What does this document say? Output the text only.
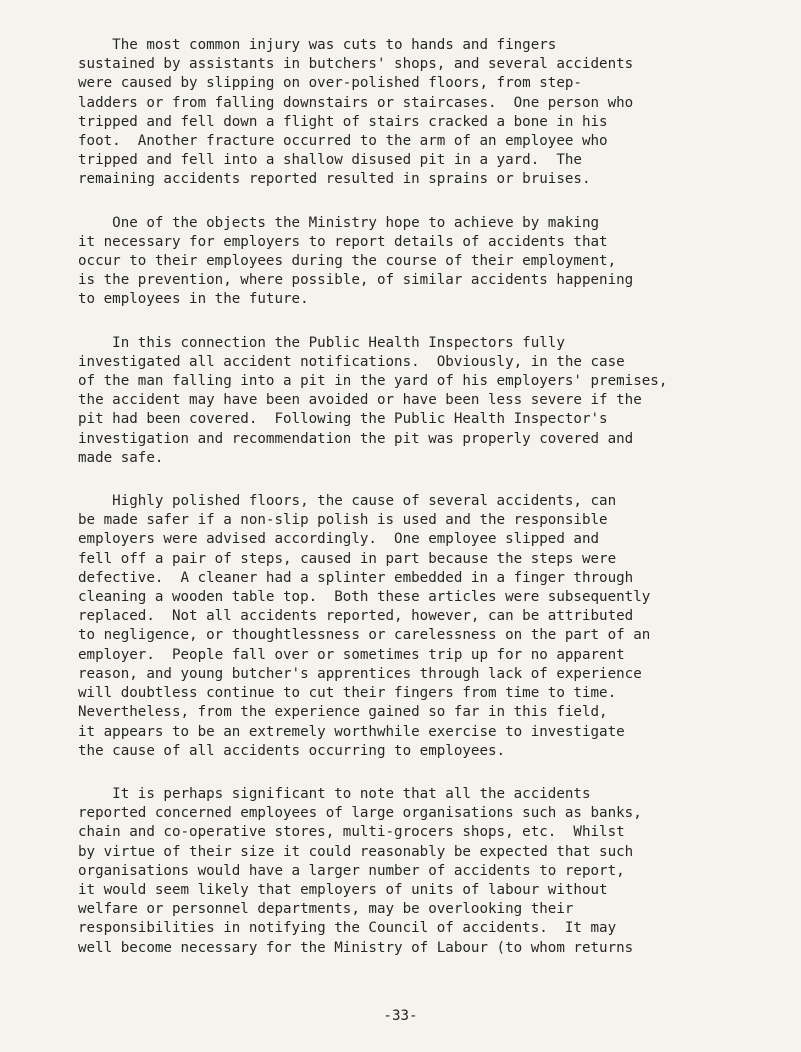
The most common injury was cuts to hands and fingers
sustained by assistants in butchers' shops, and several accidents
were caused by slipping on over-polished floors, from step-
ladders or from falling downstairs or staircases.  One person who
tripped and fell down a flight of stairs cracked a bone in his
foot.  Another fracture occurred to the arm of an employee who
tripped and fell into a shallow disused pit in a yard.  The
remaining accidents reported resulted in sprains or bruises.
One of the objects the Ministry hope to achieve by making
it necessary for employers to report details of accidents that
occur to their employees during the course of their employment,
is the prevention, where possible, of similar accidents happening
to employees in the future.
In this connection the Public Health Inspectors fully
investigated all accident notifications.  Obviously, in the case
of the man falling into a pit in the yard of his employers' premises,
the accident may have been avoided or have been less severe if the
pit had been covered.  Following the Public Health Inspector's
investigation and recommendation the pit was properly covered and
made safe.
Highly polished floors, the cause of several accidents, can
be made safer if a non-slip polish is used and the responsible
employers were advised accordingly.  One employee slipped and
fell off a pair of steps, caused in part because the steps were
defective.  A cleaner had a splinter embedded in a finger through
cleaning a wooden table top.  Both these articles were subsequently
replaced.  Not all accidents reported, however, can be attributed
to negligence, or thoughtlessness or carelessness on the part of an
employer.  People fall over or sometimes trip up for no apparent
reason, and young butcher's apprentices through lack of experience
will doubtless continue to cut their fingers from time to time.
Nevertheless, from the experience gained so far in this field,
it appears to be an extremely worthwhile exercise to investigate
the cause of all accidents occurring to employees.
It is perhaps significant to note that all the accidents
reported concerned employees of large organisations such as banks,
chain and co-operative stores, multi-grocers shops, etc.  Whilst
by virtue of their size it could reasonably be expected that such
organisations would have a larger number of accidents to report,
it would seem likely that employers of units of labour without
welfare or personnel departments, may be overlooking their
responsibilities in notifying the Council of accidents.  It may
well become necessary for the Ministry of Labour (to whom returns
-33-
